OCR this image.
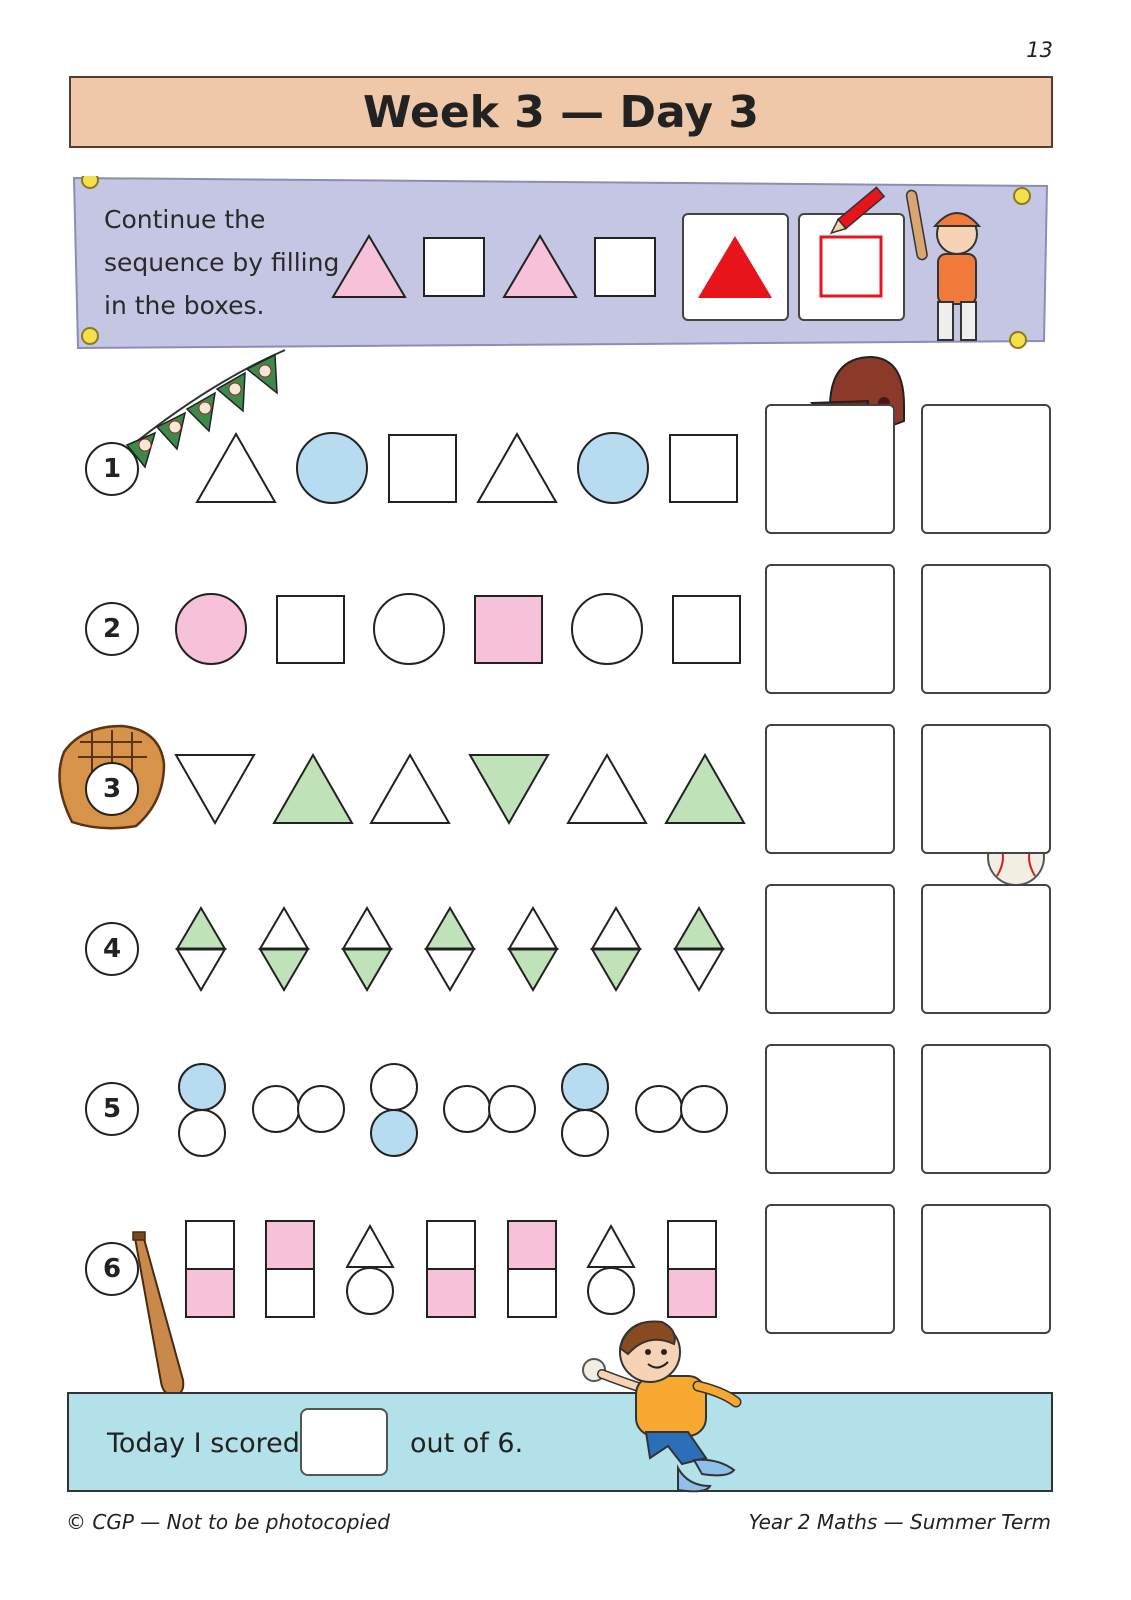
13
Week 3 — Day 3
Continue the
sequence by filling
in the boxes.
1
2
3
4
5
6
Today I scored	out of 6.
© CGP — Not to be photocopied	Year 2 Maths — Summer Term
